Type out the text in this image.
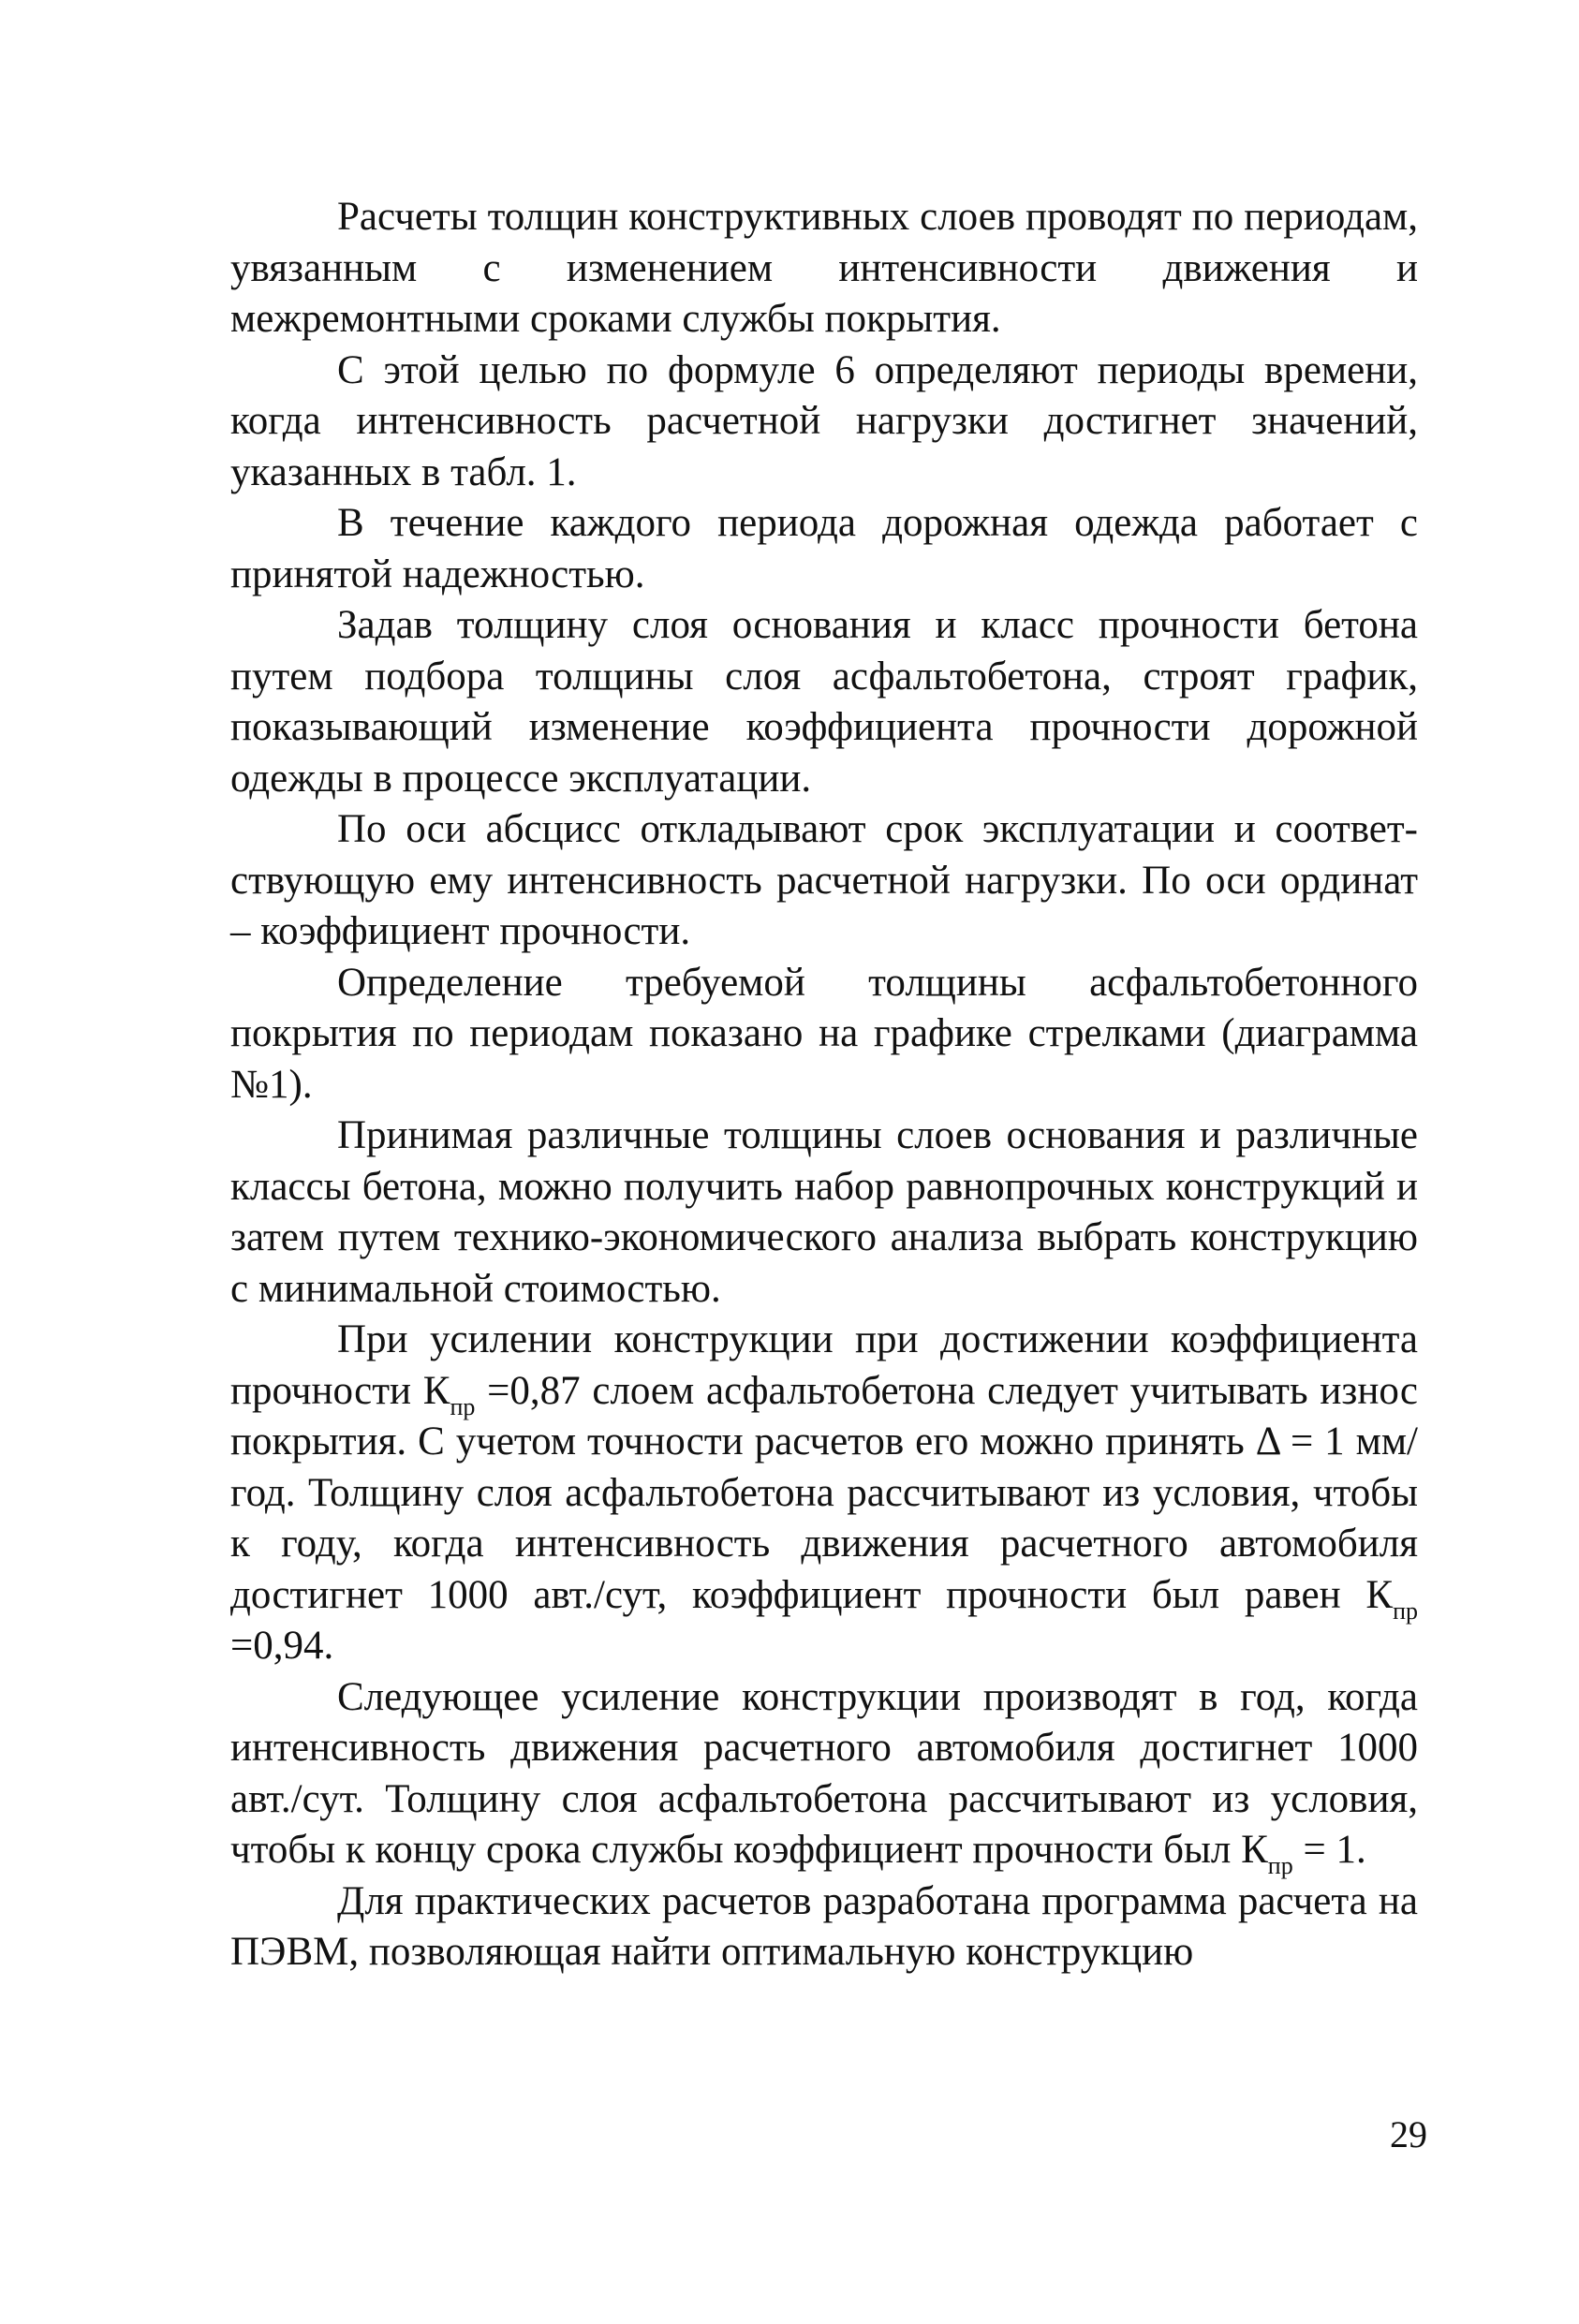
Расчеты толщин конструктивных слоев проводят по периодам, увязанным с изменением интенсивности движения и межремонтными сроками службы покрытия.

С этой целью по формуле 6 определяют периоды времени, когда интенсивность расчетной нагрузки достигнет значений, указанных в табл. 1.

В течение каждого периода дорожная одежда работает с принятой надежностью.

Задав толщину слоя основания и класс прочности бетона путем подбора толщины слоя асфальтобетона, строят график, показывающий изменение коэффициента прочности дорожной одежды в процессе эксплуатации.

По оси абсцисс откладывают срок эксплуатации и соответствующую ему интенсивность расчетной нагрузки. По оси ординат – коэффициент прочности.

Определение требуемой толщины асфальтобетонного покрытия по периодам показано на графике стрелками (диаграмма №1).

Принимая различные толщины слоев основания и различные классы бетона, можно получить набор равнопрочных конструкций и затем путем технико-экономического анализа выбрать конструкцию с минимальной стоимостью.

При усилении конструкции при достижении коэффициента прочности $К_{пр} =0,87$ слоем асфальтобетона следует учитывать износ покрытия. С учетом точности расчетов его можно принять Δ = 1 мм/год. Толщину слоя асфальтобетона рассчитывают из условия, чтобы к году, когда интенсивность движения расчетного автомобиля достигнет 1000 авт./сут, коэффициент прочности был равен $К_{пр} =0,94$.

Следующее усиление конструкции производят в год, когда интенсивность движения расчетного автомобиля достигнет 1000 авт./сут. Толщину слоя асфальтобетона рассчитывают из условия, чтобы к концу срока службы коэффициент прочности был $К_{пр} = 1$.

Для практических расчетов разработана программа расчета на ПЭВМ, позволяющая найти оптимальную конструкцию

29
